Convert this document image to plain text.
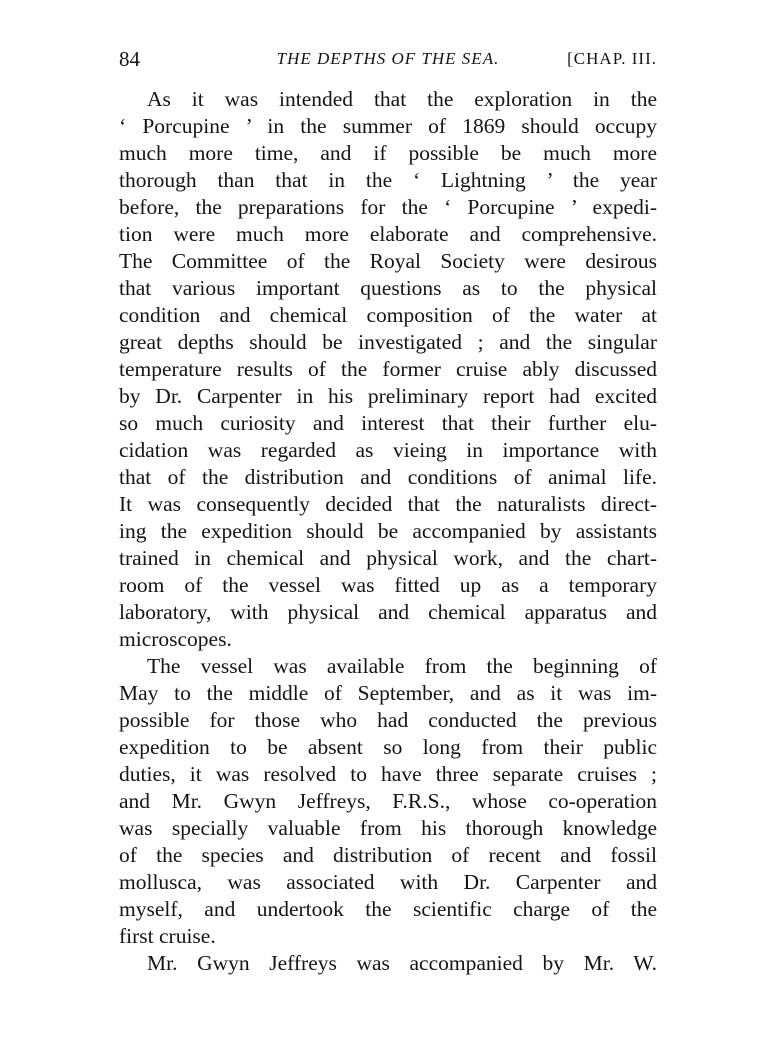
84	THE DEPTHS OF THE SEA.	[CHAP. III.
As it was intended that the exploration in the
‘ Porcupine ’ in the summer of 1869 should occupy
much more time, and if possible be much more
thorough than that in the ‘ Lightning ’ the year
before, the preparations for the ‘ Porcupine ’ expedi-
tion were much more elaborate and comprehensive.
The Committee of the Royal Society were desirous
that various important questions as to the physical
condition and chemical composition of the water at
great depths should be investigated ; and the singular
temperature results of the former cruise ably discussed
by Dr. Carpenter in his preliminary report had excited
so much curiosity and interest that their further elu-
cidation was regarded as vieing in importance with
that of the distribution and conditions of animal life.
It was consequently decided that the naturalists direct-
ing the expedition should be accompanied by assistants
trained in chemical and physical work, and the chart-
room of the vessel was fitted up as a temporary
laboratory, with physical and chemical apparatus and
microscopes.
The vessel was available from the beginning of
May to the middle of September, and as it was im-
possible for those who had conducted the previous
expedition to be absent so long from their public
duties, it was resolved to have three separate cruises ;
and Mr. Gwyn Jeffreys, F.R.S., whose co-operation
was specially valuable from his thorough knowledge
of the species and distribution of recent and fossil
mollusca, was associated with Dr. Carpenter and
myself, and undertook the scientific charge of the
first cruise.
Mr. Gwyn Jeffreys was accompanied by Mr. W.
